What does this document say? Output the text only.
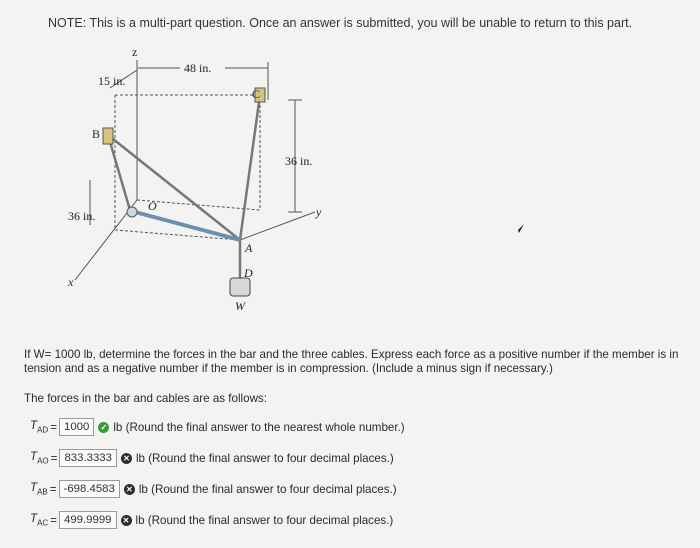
NOTE: This is a multi-part question. Once an answer is submitted, you will be unable to return to this part.
z
48 in.
15 in.
36 in.
36 in.
B
C
O
A
D
W
x
y
If W= 1000 lb, determine the forces in the bar and the three cables. Express each force as a positive number if the member is in tension and as a negative number if the member is in compression. (Include a minus sign if necessary.)
The forces in the bar and cables are as follows:
$T_{AD} = 1000$	✓ lb (Round the final answer to the nearest whole number.)
$T_{AO} = 833.3333$	✕ lb (Round the final answer to four decimal places.)
$T_{AB} = -698.4583$	✕ lb (Round the final answer to four decimal places.)
$T_{AC} = 499.9999$	✕ lb (Round the final answer to four decimal places.)
